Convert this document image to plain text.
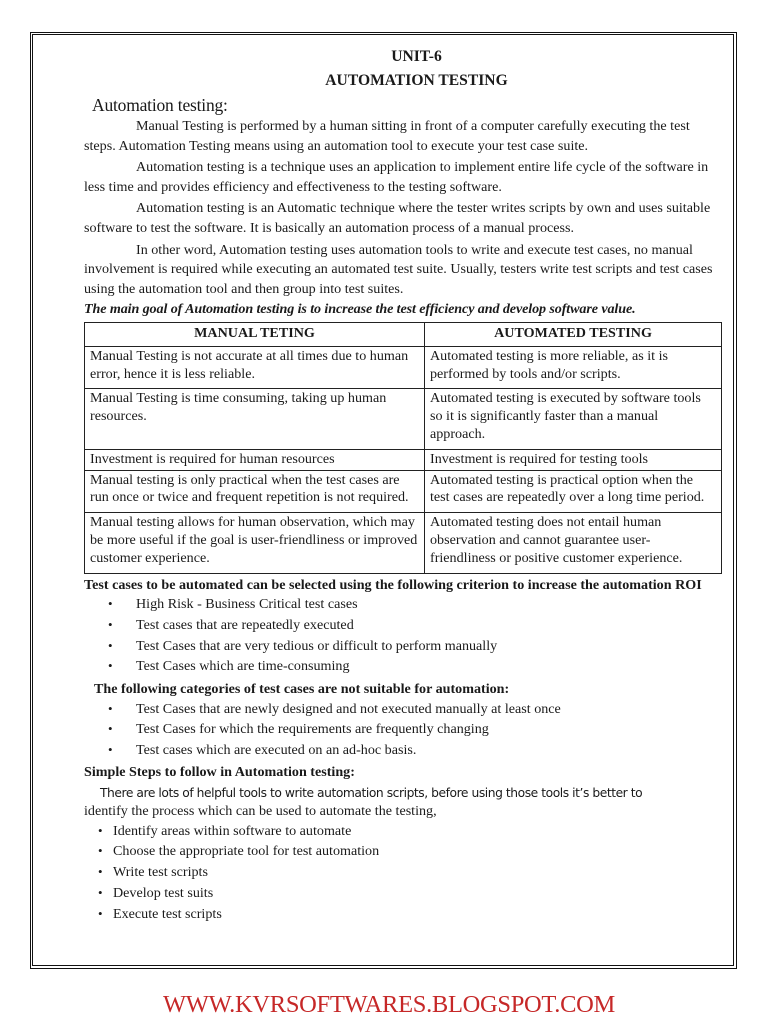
UNIT-6
AUTOMATION TESTING
Automation testing:

Manual Testing is performed by a human sitting in front of a computer carefully executing the test steps. Automation Testing means using an automation tool to execute your test case suite.

Automation testing is a technique uses an application to implement entire life cycle of the software in less time and provides efficiency and effectiveness to the testing software.

Automation testing is an Automatic technique where the tester writes scripts by own and uses suitable software to test the software. It is basically an automation process of a manual process.

In other word, Automation testing uses automation tools to write and execute test cases, no manual involvement is required while executing an automated test suite. Usually, testers write test scripts and test cases using the automation tool and then group into test suites.

The main goal of Automation testing is to increase the test efficiency and develop software value.

MANUAL TETING	AUTOMATED TESTING
Manual Testing is not accurate at all times due to human error, hence it is less reliable.	Automated testing is more reliable, as it is performed by tools and/or scripts.
Manual Testing is time consuming, taking up human resources.	Automated testing is executed by software tools so it is significantly faster than a manual approach.
Investment is required for human resources	Investment is required for testing tools
Manual testing is only practical when the test cases are run once or twice and frequent repetition is not required.	Automated testing is practical option when the test cases are repeatedly over a long time period.
Manual testing allows for human observation, which may be more useful if the goal is user-friendliness or improved customer experience.	Automated testing does not entail human observation and cannot guarantee user-friendliness or positive customer experience.

Test cases to be automated can be selected using the following criterion to increase the automation ROI

• High Risk - Business Critical test cases
• Test cases that are repeatedly executed
• Test Cases that are very tedious or difficult to perform manually
• Test Cases which are time-consuming

The following categories of test cases are not suitable for automation:

• Test Cases that are newly designed and not executed manually at least once
• Test Cases for which the requirements are frequently changing
• Test cases which are executed on an ad-hoc basis.

Simple Steps to follow in Automation testing:

There are lots of helpful tools to write automation scripts, before using those tools it’s better to

identify the process which can be used to automate the testing,

• Identify areas within software to automate
• Choose the appropriate tool for test automation
• Write test scripts
• Develop test suits
• Execute test scripts
WWW.KVRSOFTWARES.BLOGSPOT.COM
